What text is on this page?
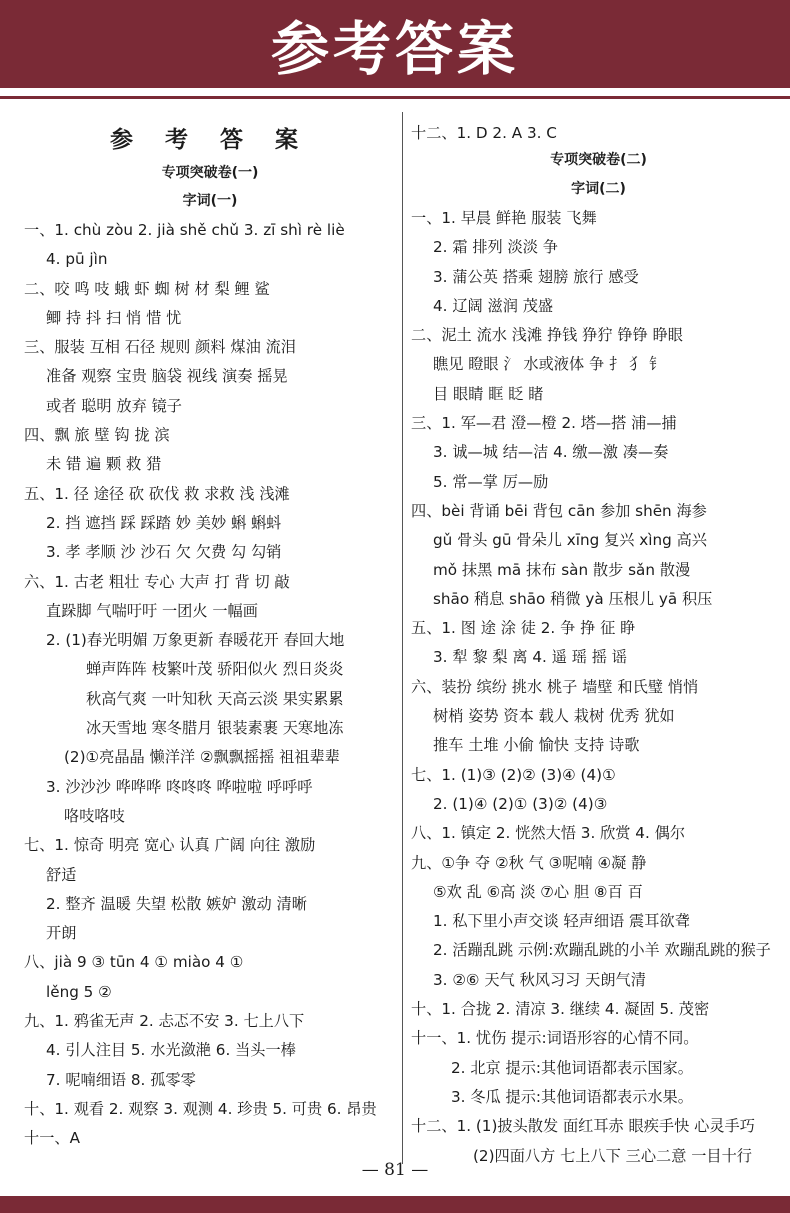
参考答案
参 考 答 案
专项突破卷(一)
字词(一)
一、1. chù zòu 2. jià shě chǔ 3. zī shì rè liè
4. pū jìn
二、咬 鸣 吱 蛾 虾 蜘 树 材 梨 鲤 鲨
鲫 持 抖 扫 悄 惜 忧
三、服装 互相 石径 规则 颜料 煤油 流泪
准备 观察 宝贵 脑袋 视线 演奏 摇晃
或者 聪明 放弃 镜子
四、飘 旅 壁 钩 拢 滨
未 错 遍 颗 救 猎
五、1. 径 途径 砍 砍伐 救 求救 浅 浅滩
2. 挡 遮挡 踩 踩踏 妙 美妙 蝌 蝌蚪
3. 孝 孝顺 沙 沙石 欠 欠费 勾 勾销
六、1. 古老 粗壮 专心 大声 打 背 切 敲
直跺脚 气喘吁吁 一团火 一幅画
2. (1)春光明媚 万象更新 春暖花开 春回大地
蝉声阵阵 枝繁叶茂 骄阳似火 烈日炎炎
秋高气爽 一叶知秋 天高云淡 果实累累
冰天雪地 寒冬腊月 银装素裹 天寒地冻
(2)①亮晶晶 懒洋洋 ②飘飘摇摇 祖祖辈辈
3. 沙沙沙 哗哗哗 咚咚咚 哗啦啦 呼呼呼
咯吱咯吱
七、1. 惊奇 明亮 宽心 认真 广阔 向往 激励
舒适
2. 整齐 温暖 失望 松散 嫉妒 激动 清晰
开朗
八、jià 9 ③ tūn 4 ① miào 4 ①
lěng 5 ②
九、1. 鸦雀无声 2. 忐忑不安 3. 七上八下
4. 引人注目 5. 水光潋滟 6. 当头一棒
7. 呢喃细语 8. 孤零零
十、1. 观看 2. 观察 3. 观测 4. 珍贵 5. 可贵 6. 昂贵
十一、A
十二、1. D 2. A 3. C
专项突破卷(二)
字词(二)
一、1. 早晨 鲜艳 服装 飞舞
2. 霜 排列 淡淡 争
3. 蒲公英 搭乘 翅膀 旅行 感受
4. 辽阔 滋润 茂盛
二、泥土 流水 浅滩 挣钱 狰狞 铮铮 睁眼
瞧见 瞪眼 氵 水或液体 争 扌 犭 钅
目 眼睛 眶 眨 睹
三、1. 军—君 澄—橙 2. 塔—搭 浦—捕
3. 诚—城 结—洁 4. 缴—激 凑—奏
5. 常—掌 厉—励
四、bèi 背诵 bēi 背包 cān 参加 shēn 海参
gǔ 骨头 gū 骨朵儿 xīng 复兴 xìng 高兴
mǒ 抹黑 mā 抹布 sàn 散步 sǎn 散漫
shāo 稍息 shāo 稍微 yà 压根儿 yā 积压
五、1. 图 途 涂 徒 2. 争 挣 征 睁
3. 犁 黎 梨 离 4. 遥 瑶 摇 谣
六、装扮 缤纷 挑水 桃子 墙壁 和氏璧 悄悄
树梢 姿势 资本 载人 栽树 优秀 犹如
推车 土堆 小偷 愉快 支持 诗歌
七、1. (1)③ (2)② (3)④ (4)①
2. (1)④ (2)① (3)② (4)③
八、1. 镇定 2. 恍然大悟 3. 欣赏 4. 偶尔
九、①争 夺 ②秋 气 ③呢喃 ④凝 静
⑤欢 乱 ⑥高 淡 ⑦心 胆 ⑧百 百
1. 私下里小声交谈 轻声细语 震耳欲聋
2. 活蹦乱跳 示例:欢蹦乱跳的小羊 欢蹦乱跳的猴子
3. ②⑥ 天气 秋风习习 天朗气清
十、1. 合拢 2. 清凉 3. 继续 4. 凝固 5. 茂密
十一、1. 忧伤 提示:词语形容的心情不同。
2. 北京 提示:其他词语都表示国家。
3. 冬瓜 提示:其他词语都表示水果。
十二、1. (1)披头散发 面红耳赤 眼疾手快 心灵手巧
(2)四面八方 七上八下 三心二意 一目十行
— 81 —
